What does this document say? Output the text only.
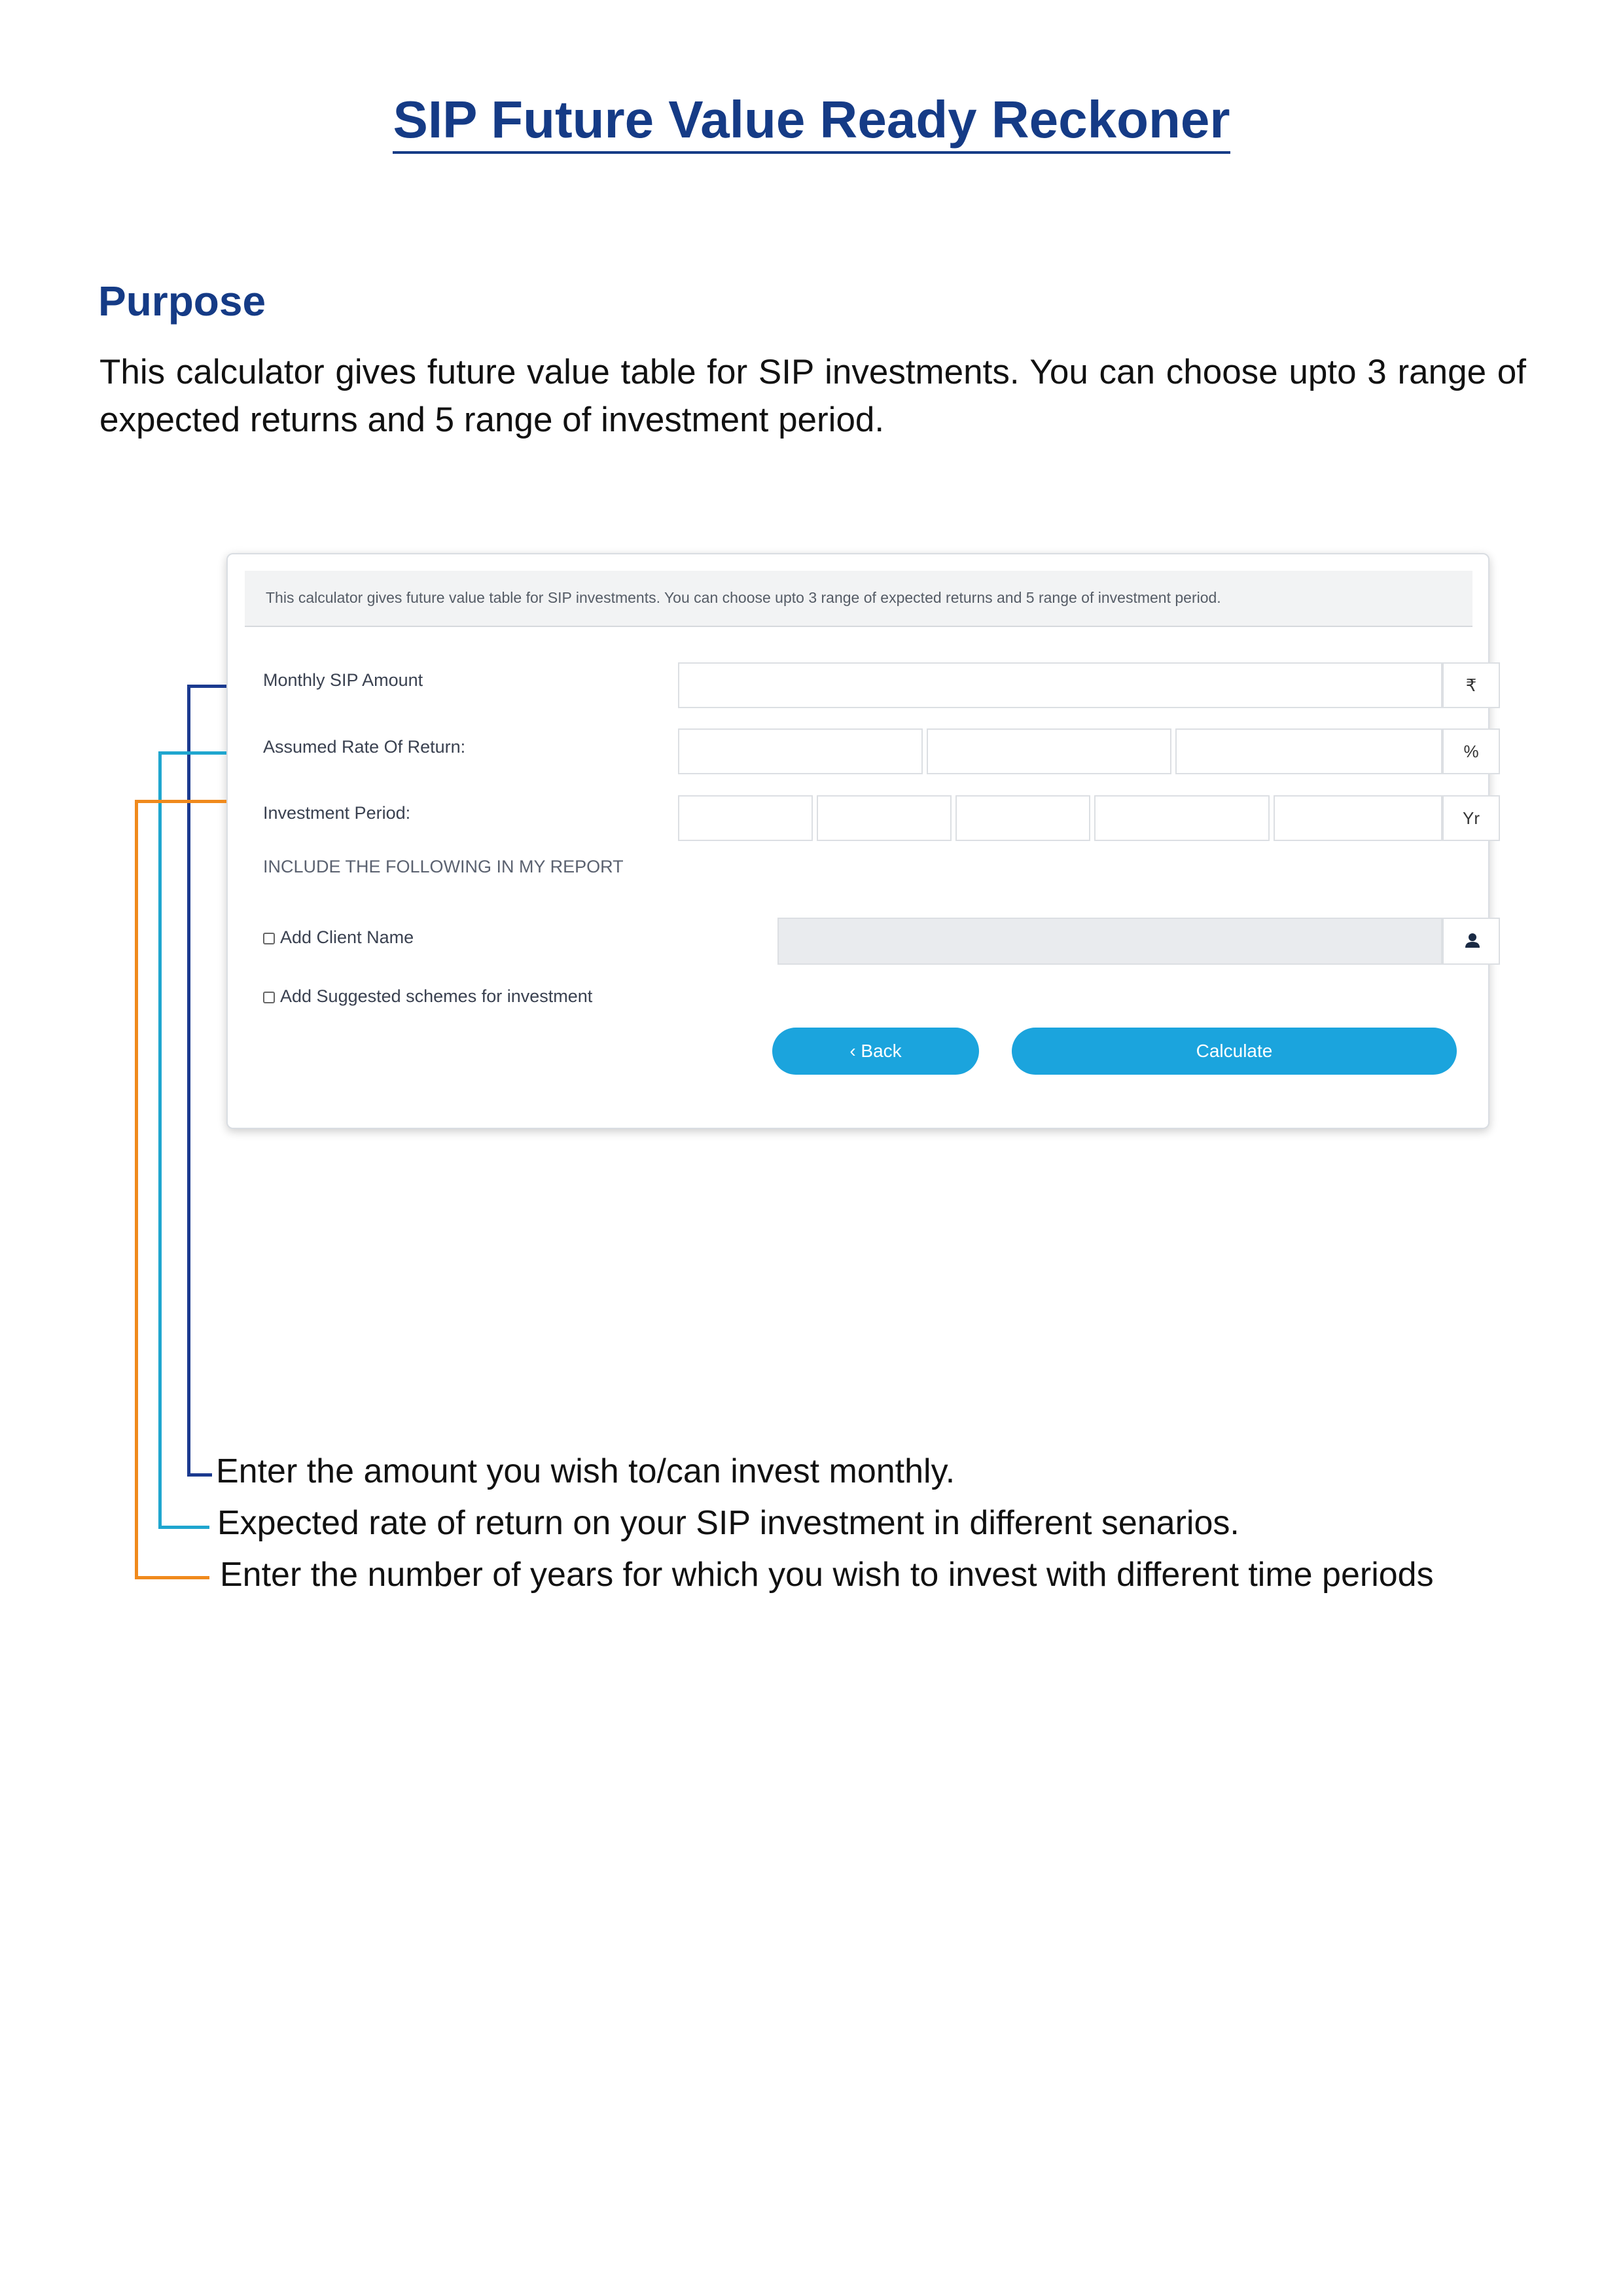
SIP Future Value Ready Reckoner
Purpose

This calculator gives future value table for SIP investments. You can choose upto 3 range of expected returns and 5 range of investment period.

This calculator gives future value table for SIP investments. You can choose upto 3 range of expected returns and 5 range of investment period.
Monthly SIP Amount	₹
Assumed Rate Of Return:	%
Investment Period:	Yr
INCLUDE THE FOLLOWING IN MY REPORT
Add Client Name
Add Suggested schemes for investment
‹ Back	Calculate
Enter the amount you wish to/can invest monthly.
Expected rate of return on your SIP investment in different senarios.
Enter the number of years for which you wish to invest with different time periods
